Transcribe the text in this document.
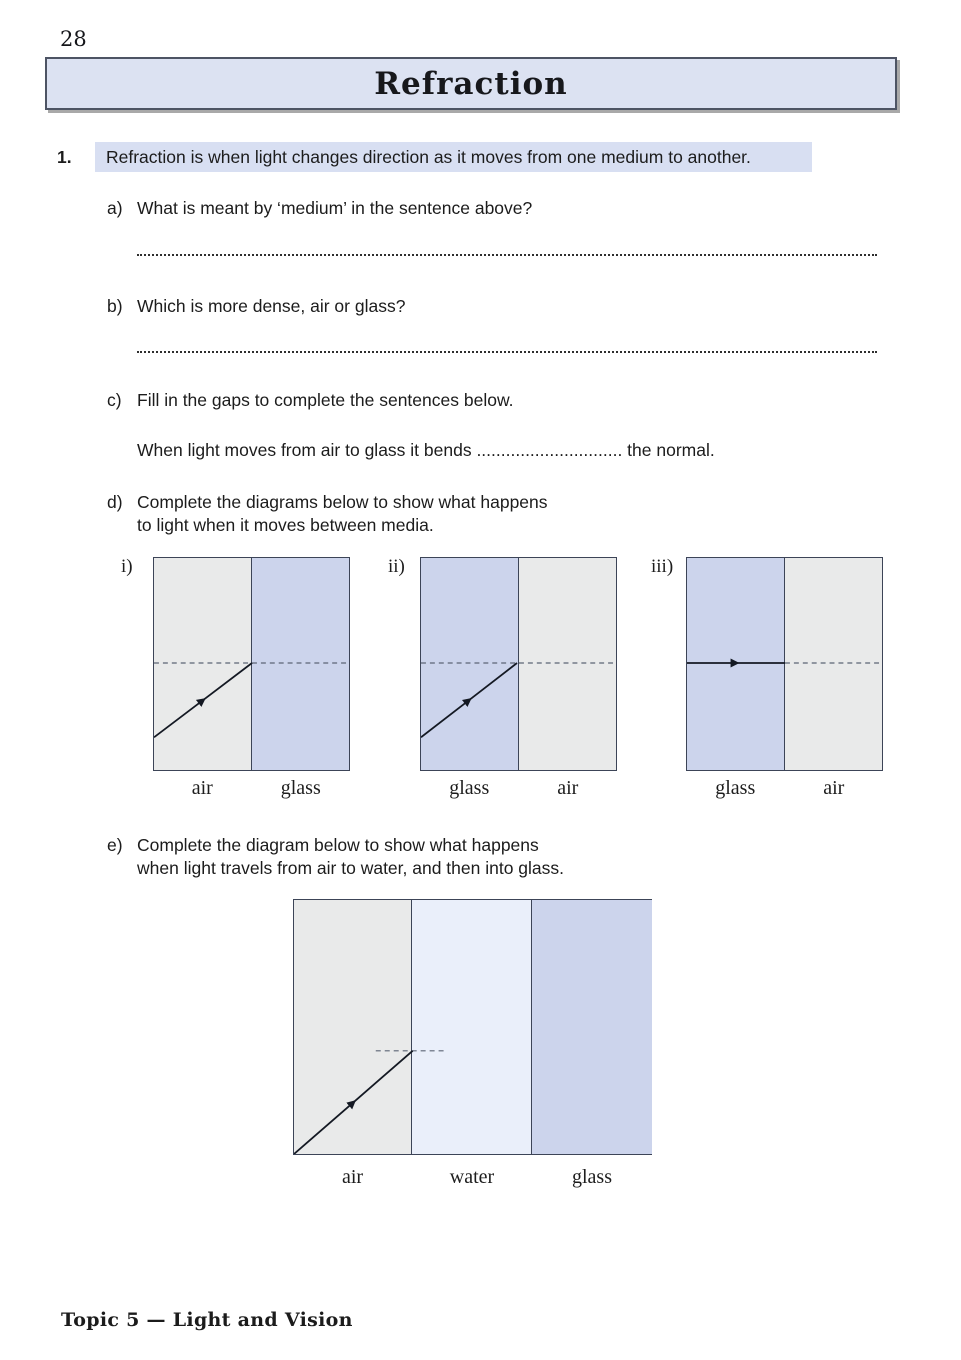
28
Refraction
1.	Refraction is when light changes direction as it moves from one medium to another.
a) What is meant by ‘medium’ in the sentence above?
b) Which is more dense, air or glass?
c) Fill in the gaps to complete the sentences below.
When light moves from air to glass it bends .............................. the normal.
d) Complete the diagrams below to show what happens
to light when it moves between media.
i)	ii)	iii)
air	glass	glass	air	glass	air
e) Complete the diagram below to show what happens
when light travels from air to water, and then into glass.
air	water	glass
Topic 5 — Light and Vision
